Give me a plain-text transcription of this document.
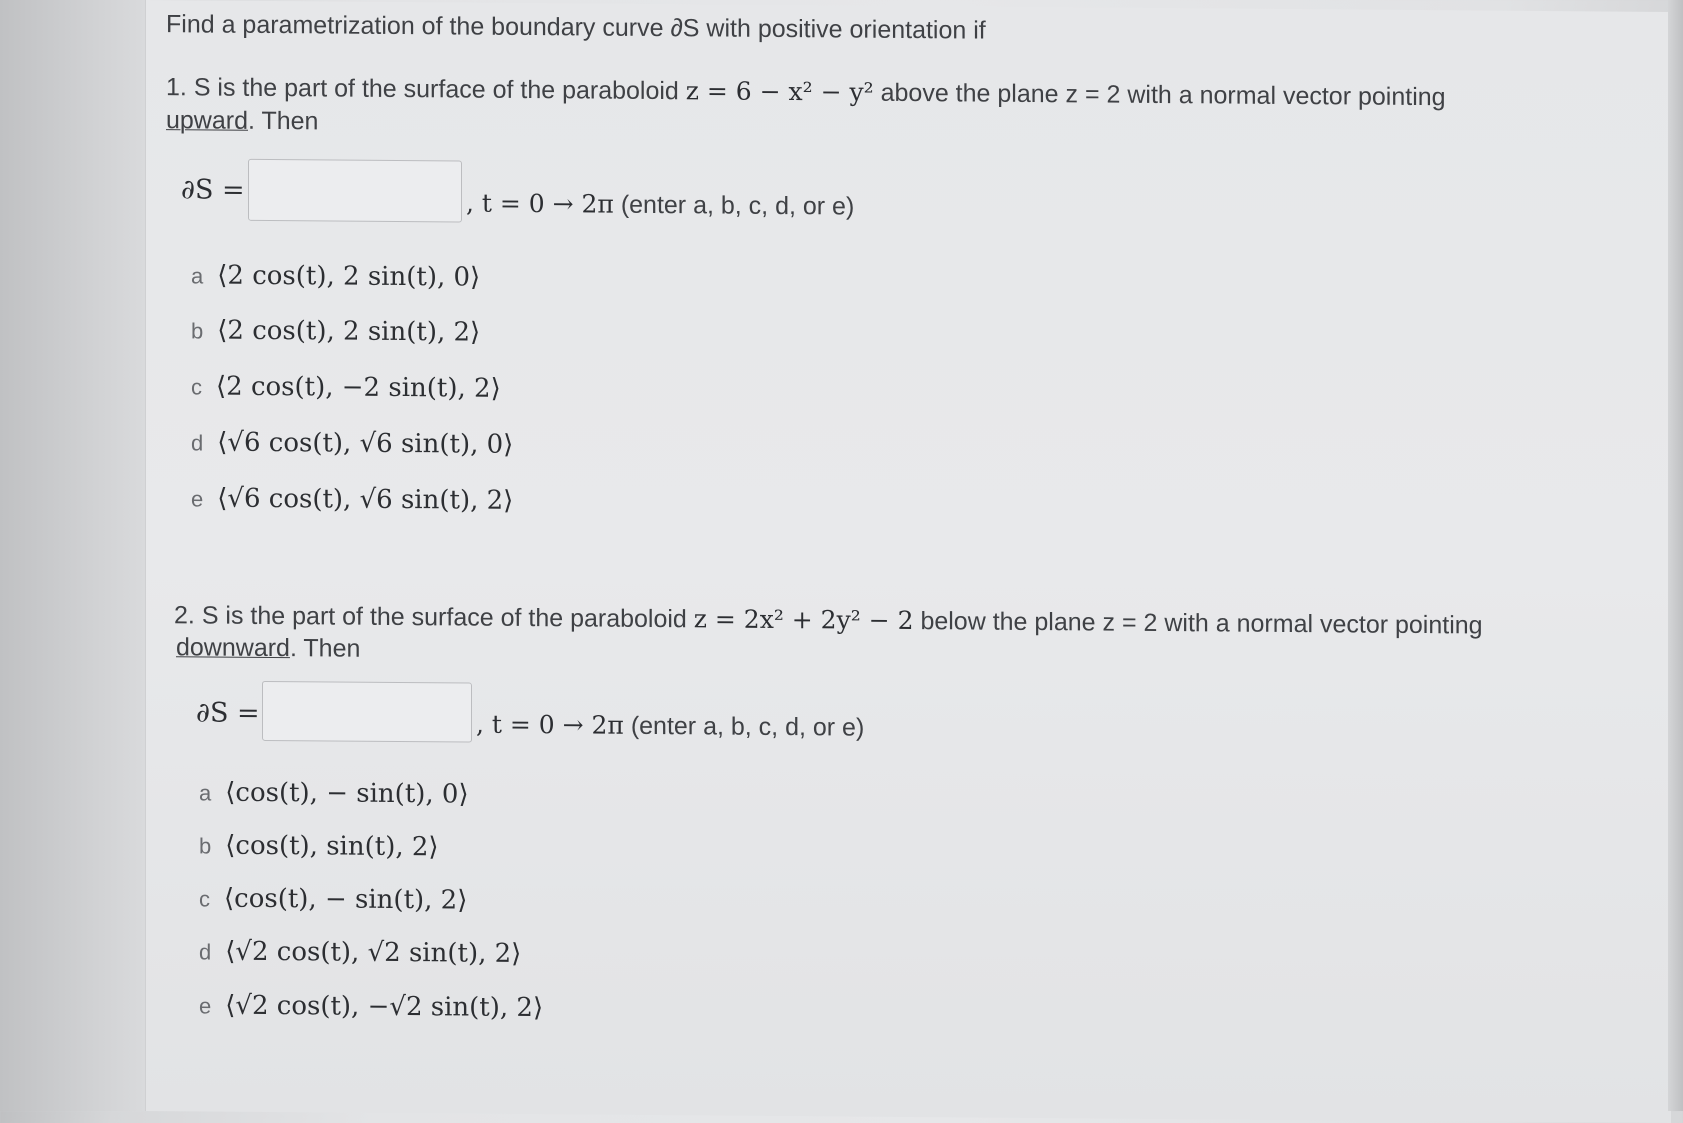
Find a parametrization of the boundary curve ∂S with positive orientation if
1. S is the part of the surface of the paraboloid z = 6 − x² − y² above the plane z = 2 with a normal vector pointing
upward. Then
∂S =	, t = 0 → 2π (enter a, b, c, d, or e)
a ⟨2 cos(t), 2 sin(t), 0⟩
b ⟨2 cos(t), 2 sin(t), 2⟩
c ⟨2 cos(t), −2 sin(t), 2⟩
d ⟨√6 cos(t), √6 sin(t), 0⟩
e ⟨√6 cos(t), √6 sin(t), 2⟩
2. S is the part of the surface of the paraboloid z = 2x² + 2y² − 2 below the plane z = 2 with a normal vector pointing
downward. Then
∂S =	, t = 0 → 2π (enter a, b, c, d, or e)
a ⟨cos(t), − sin(t), 0⟩
b ⟨cos(t), sin(t), 2⟩
c ⟨cos(t), − sin(t), 2⟩
d ⟨√2 cos(t), √2 sin(t), 2⟩
e ⟨√2 cos(t), −√2 sin(t), 2⟩
